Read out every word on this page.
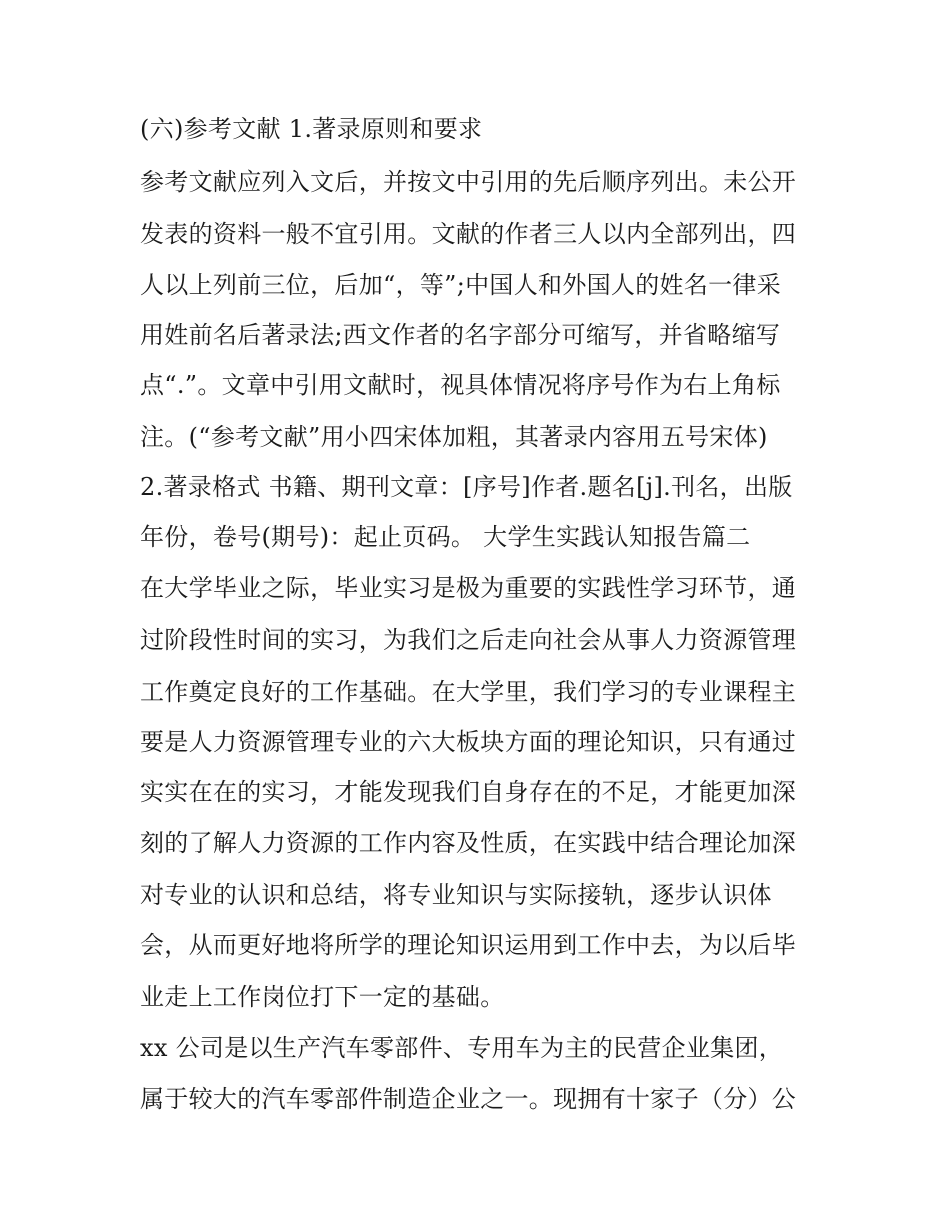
(六)参考文献 1.著录原则和要求
参考文献应列入文后，并按文中引用的先后顺序列出。未公开
发表的资料一般不宜引用。文献的作者三人以内全部列出，四
人以上列前三位，后加“，等”;中国人和外国人的姓名一律采
用姓前名后著录法;西文作者的名字部分可缩写，并省略缩写
点“.”。文章中引用文献时，视具体情况将序号作为右上角标
注。(“参考文献”用小四宋体加粗，其著录内容用五号宋体)
2.著录格式 书籍、期刊文章：[序号]作者.题名[j].刊名，出版
年份，卷号(期号)：起止页码。 大学生实践认知报告篇二
在大学毕业之际，毕业实习是极为重要的实践性学习环节，通
过阶段性时间的实习，为我们之后走向社会从事人力资源管理
工作奠定良好的工作基础。在大学里，我们学习的专业课程主
要是人力资源管理专业的六大板块方面的理论知识，只有通过
实实在在的实习，才能发现我们自身存在的不足，才能更加深
刻的了解人力资源的工作内容及性质，在实践中结合理论加深
对专业的认识和总结，将专业知识与实际接轨，逐步认识体
会，从而更好地将所学的理论知识运用到工作中去，为以后毕
业走上工作岗位打下一定的基础。
xx 公司是以生产汽车零部件、专用车为主的民营企业集团，
属于较大的汽车零部件制造企业之一。现拥有十家子（分）公
